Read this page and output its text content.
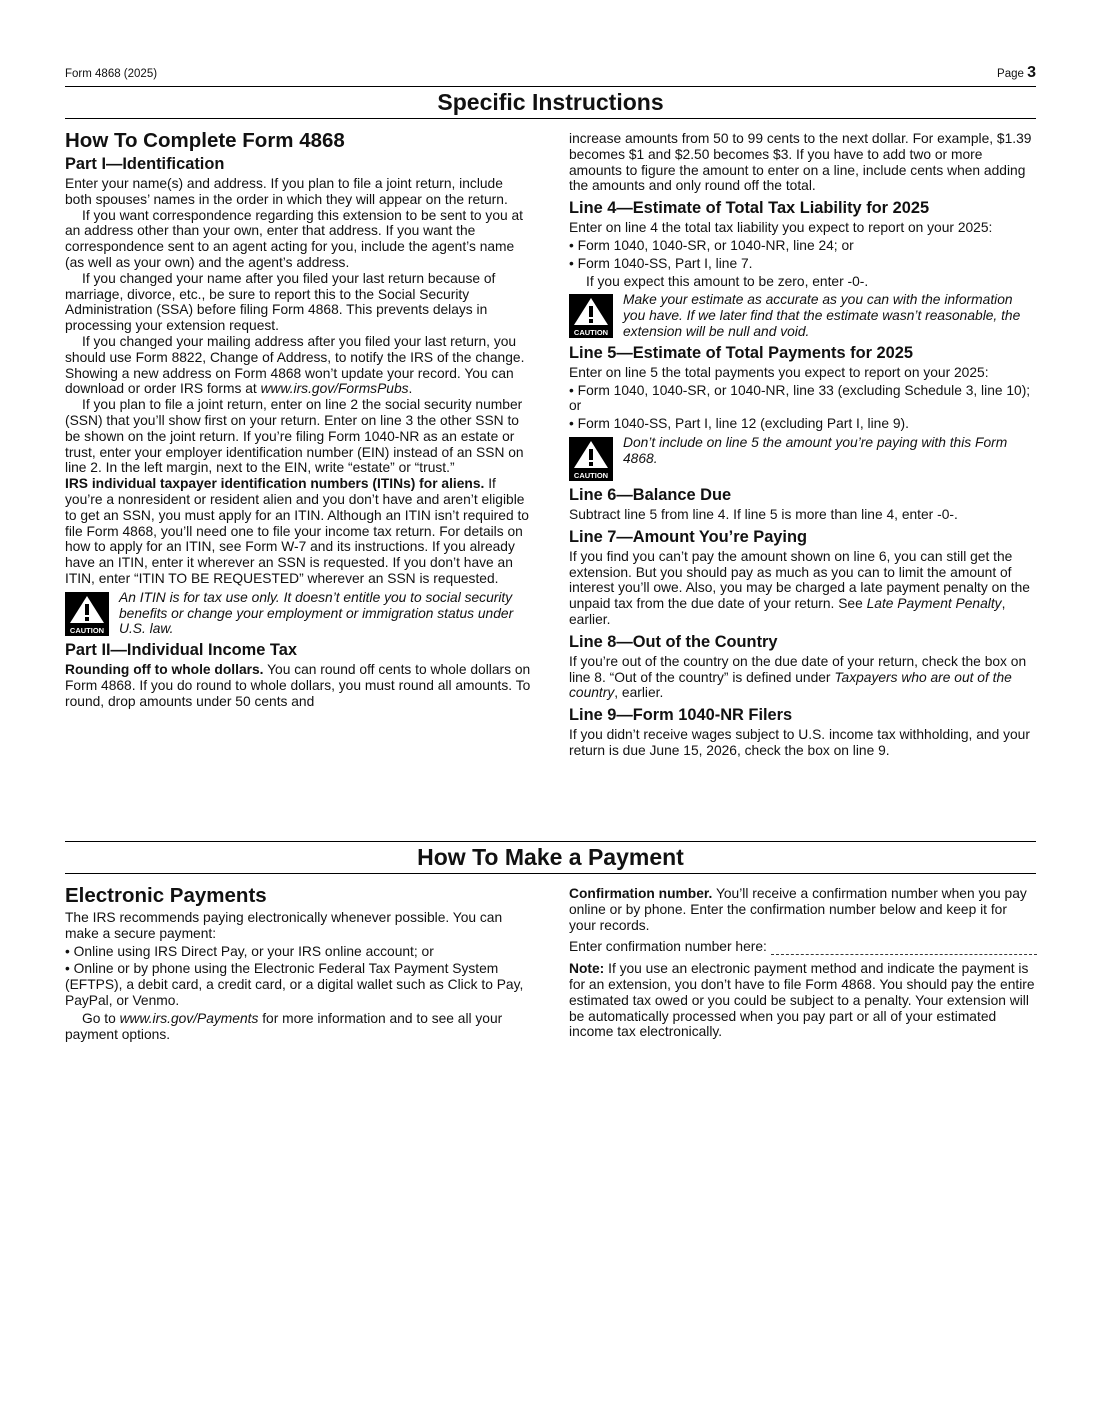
Form 4868 (2025)	Page 3
Specific Instructions
How To Complete Form 4868
Part I—Identification

Enter your name(s) and address. If you plan to file a joint return, include both spouses’ names in the order in which they will appear on the return.

If you want correspondence regarding this extension to be sent to you at an address other than your own, enter that address. If you want the correspondence sent to an agent acting for you, include the agent’s name (as well as your own) and the agent’s address.

If you changed your name after you filed your last return because of marriage, divorce, etc., be sure to report this to the Social Security Administration (SSA) before filing Form 4868. This prevents delays in processing your extension request.

If you changed your mailing address after you filed your last return, you should use Form 8822, Change of Address, to notify the IRS of the change. Showing a new address on Form 4868 won’t update your record. You can download or order IRS forms at www.irs.gov/FormsPubs.

If you plan to file a joint return, enter on line 2 the social security number (SSN) that you’ll show first on your return. Enter on line 3 the other SSN to be shown on the joint return. If you’re filing Form 1040-NR as an estate or trust, enter your employer identification number (EIN) instead of an SSN on line 2. In the left margin, next to the EIN, write “estate” or “trust.”

IRS individual taxpayer identification numbers (ITINs) for aliens. If you’re a nonresident or resident alien and you don’t have and aren’t eligible to get an SSN, you must apply for an ITIN. Although an ITIN isn’t required to file Form 4868, you’ll need one to file your income tax return. For details on how to apply for an ITIN, see Form W-7 and its instructions. If you already have an ITIN, enter it wherever an SSN is requested. If you don’t have an ITIN, enter “ITIN TO BE REQUESTED” wherever an SSN is requested.

CAUTION
An ITIN is for tax use only. It doesn’t entitle you to social security benefits or change your employment or immigration status under U.S. law.
Part II—Individual Income Tax

Rounding off to whole dollars. You can round off cents to whole dollars on Form 4868. If you do round to whole dollars, you must round all amounts. To round, drop amounts under 50 cents and

increase amounts from 50 to 99 cents to the next dollar. For example, $1.39 becomes $1 and $2.50 becomes $3. If you have to add two or more amounts to figure the amount to enter on a line, include cents when adding the amounts and only round off the total.

Line 4—Estimate of Total Tax Liability for 2025

Enter on line 4 the total tax liability you expect to report on your 2025:

• Form 1040, 1040-SR, or 1040-NR, line 24; or

• Form 1040-SS, Part I, line 7.

If you expect this amount to be zero, enter -0-.

CAUTION
Make your estimate as accurate as you can with the information you have. If we later find that the estimate wasn’t reasonable, the extension will be null and void.
Line 5—Estimate of Total Payments for 2025

Enter on line 5 the total payments you expect to report on your 2025:

• Form 1040, 1040-SR, or 1040-NR, line 33 (excluding Schedule 3, line 10); or

• Form 1040-SS, Part I, line 12 (excluding Part I, line 9).

CAUTION
Don’t include on line 5 the amount you’re paying with this Form 4868.
Line 6—Balance Due

Subtract line 5 from line 4. If line 5 is more than line 4, enter -0-.

Line 7—Amount You’re Paying

If you find you can’t pay the amount shown on line 6, you can still get the extension. But you should pay as much as you can to limit the amount of interest you’ll owe. Also, you may be charged a late payment penalty on the unpaid tax from the due date of your return. See Late Payment Penalty, earlier.

Line 8—Out of the Country

If you’re out of the country on the due date of your return, check the box on line 8. “Out of the country” is defined under Taxpayers who are out of the country, earlier.

Line 9—Form 1040-NR Filers

If you didn’t receive wages subject to U.S. income tax withholding, and your return is due June 15, 2026, check the box on line 9.

How To Make a Payment
Electronic Payments

The IRS recommends paying electronically whenever possible. You can make a secure payment:

• Online using IRS Direct Pay, or your IRS online account; or

• Online or by phone using the Electronic Federal Tax Payment System (EFTPS), a debit card, a credit card, or a digital wallet such as Click to Pay, PayPal, or Venmo.

Go to www.irs.gov/Payments for more information and to see all your payment options.

Confirmation number. You’ll receive a confirmation number when you pay online or by phone. Enter the confirmation number below and keep it for your records.

Enter confirmation number here:

Note: If you use an electronic payment method and indicate the payment is for an extension, you don’t have to file Form 4868. You should pay the entire estimated tax owed or you could be subject to a penalty. Your extension will be automatically processed when you pay part or all of your estimated income tax electronically.
